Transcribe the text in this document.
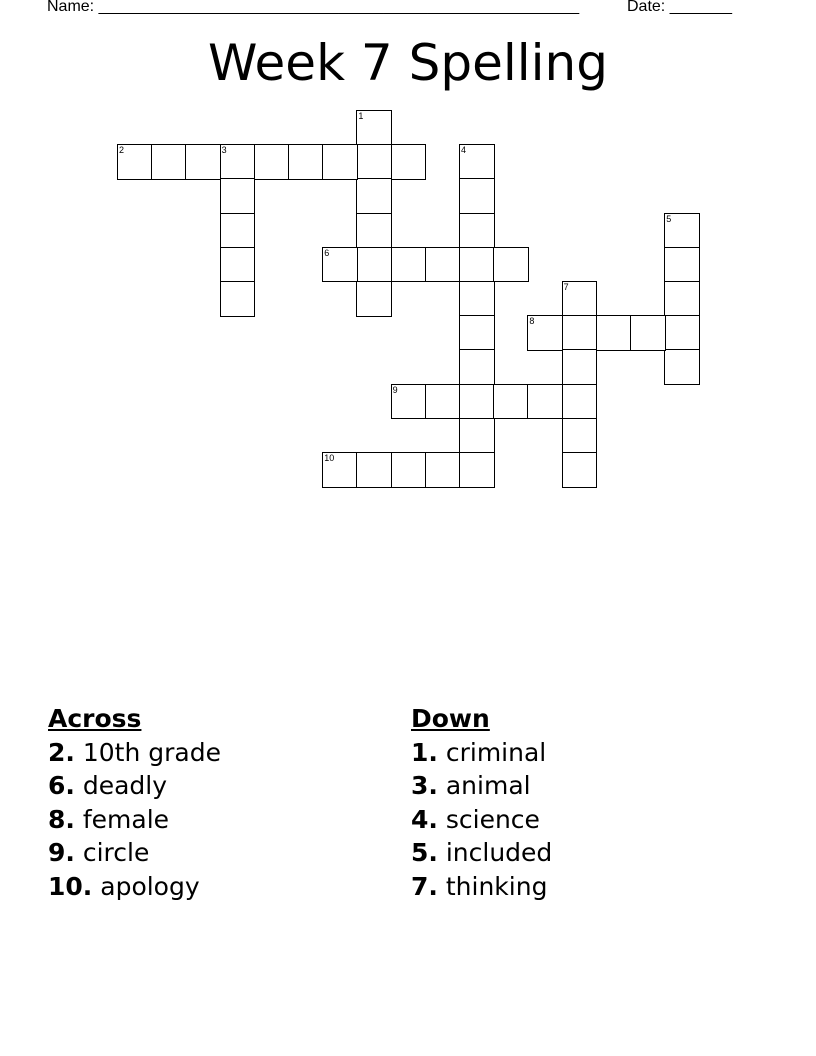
Name: ______________________________________________________	Date: _______
Week 7 Spelling
1
2	3	4
5
6
7
8
9
10
Across
2. 10th grade
6. deadly
8. female
9. circle
10. apology
Down
1. criminal
3. animal
4. science
5. included
7. thinking
